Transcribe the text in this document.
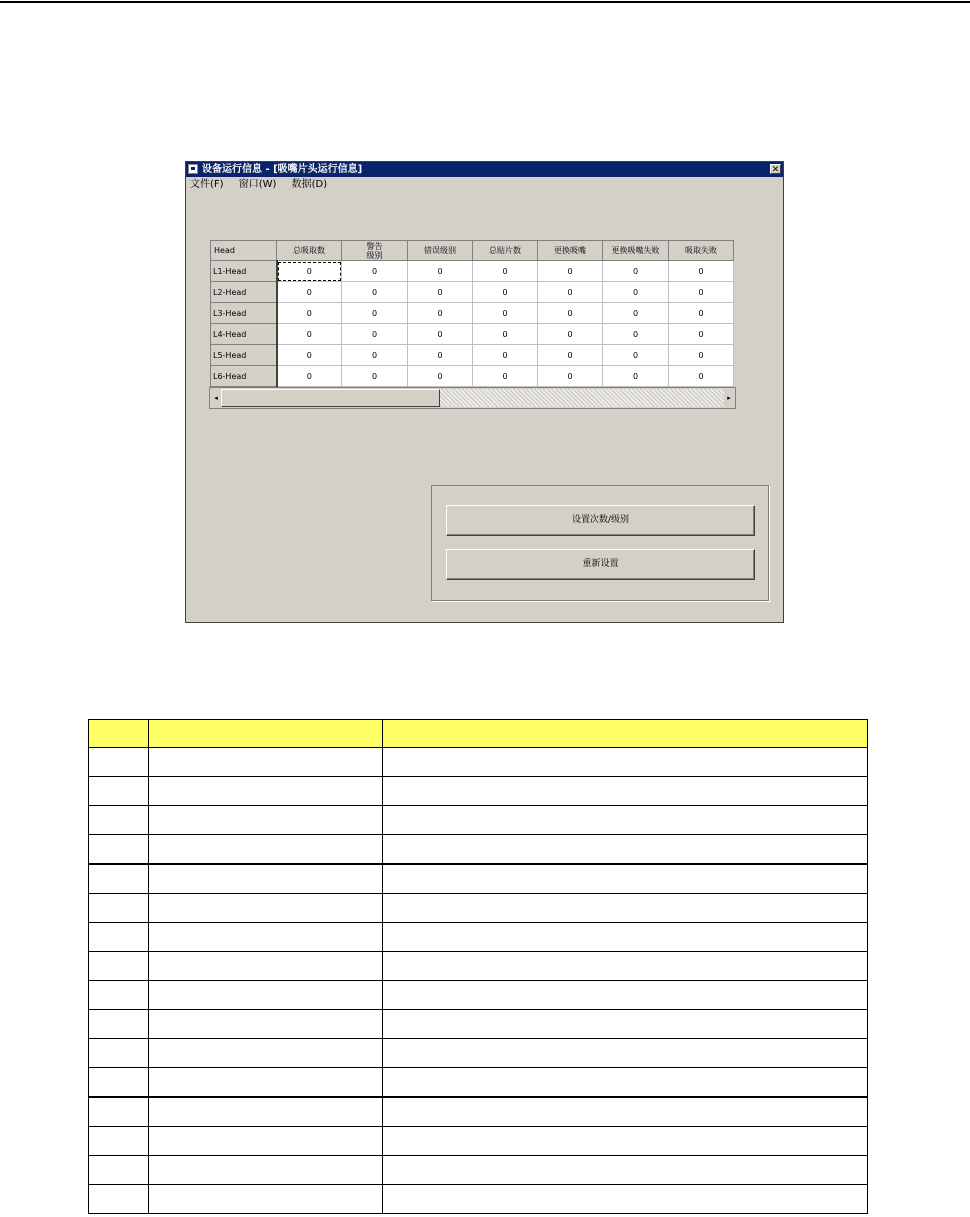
设备运行信息 - [吸嘴片头运行信息]	✕
文件(F) 窗口(W) 数据(D)
Head	总吸取数	警告级别	错误级别	总贴片数	更换吸嘴	更换吸嘴失败	吸取失败
L1-Head	0	0	0	0	0	0	0
L2-Head	0	0	0	0	0	0	0
L3-Head	0	0	0	0	0	0	0
L4-Head	0	0	0	0	0	0	0
L5-Head	0	0	0	0	0	0	0
L6-Head	0	0	0	0	0	0	0
◂	▸
设置次数/级别
重新设置
